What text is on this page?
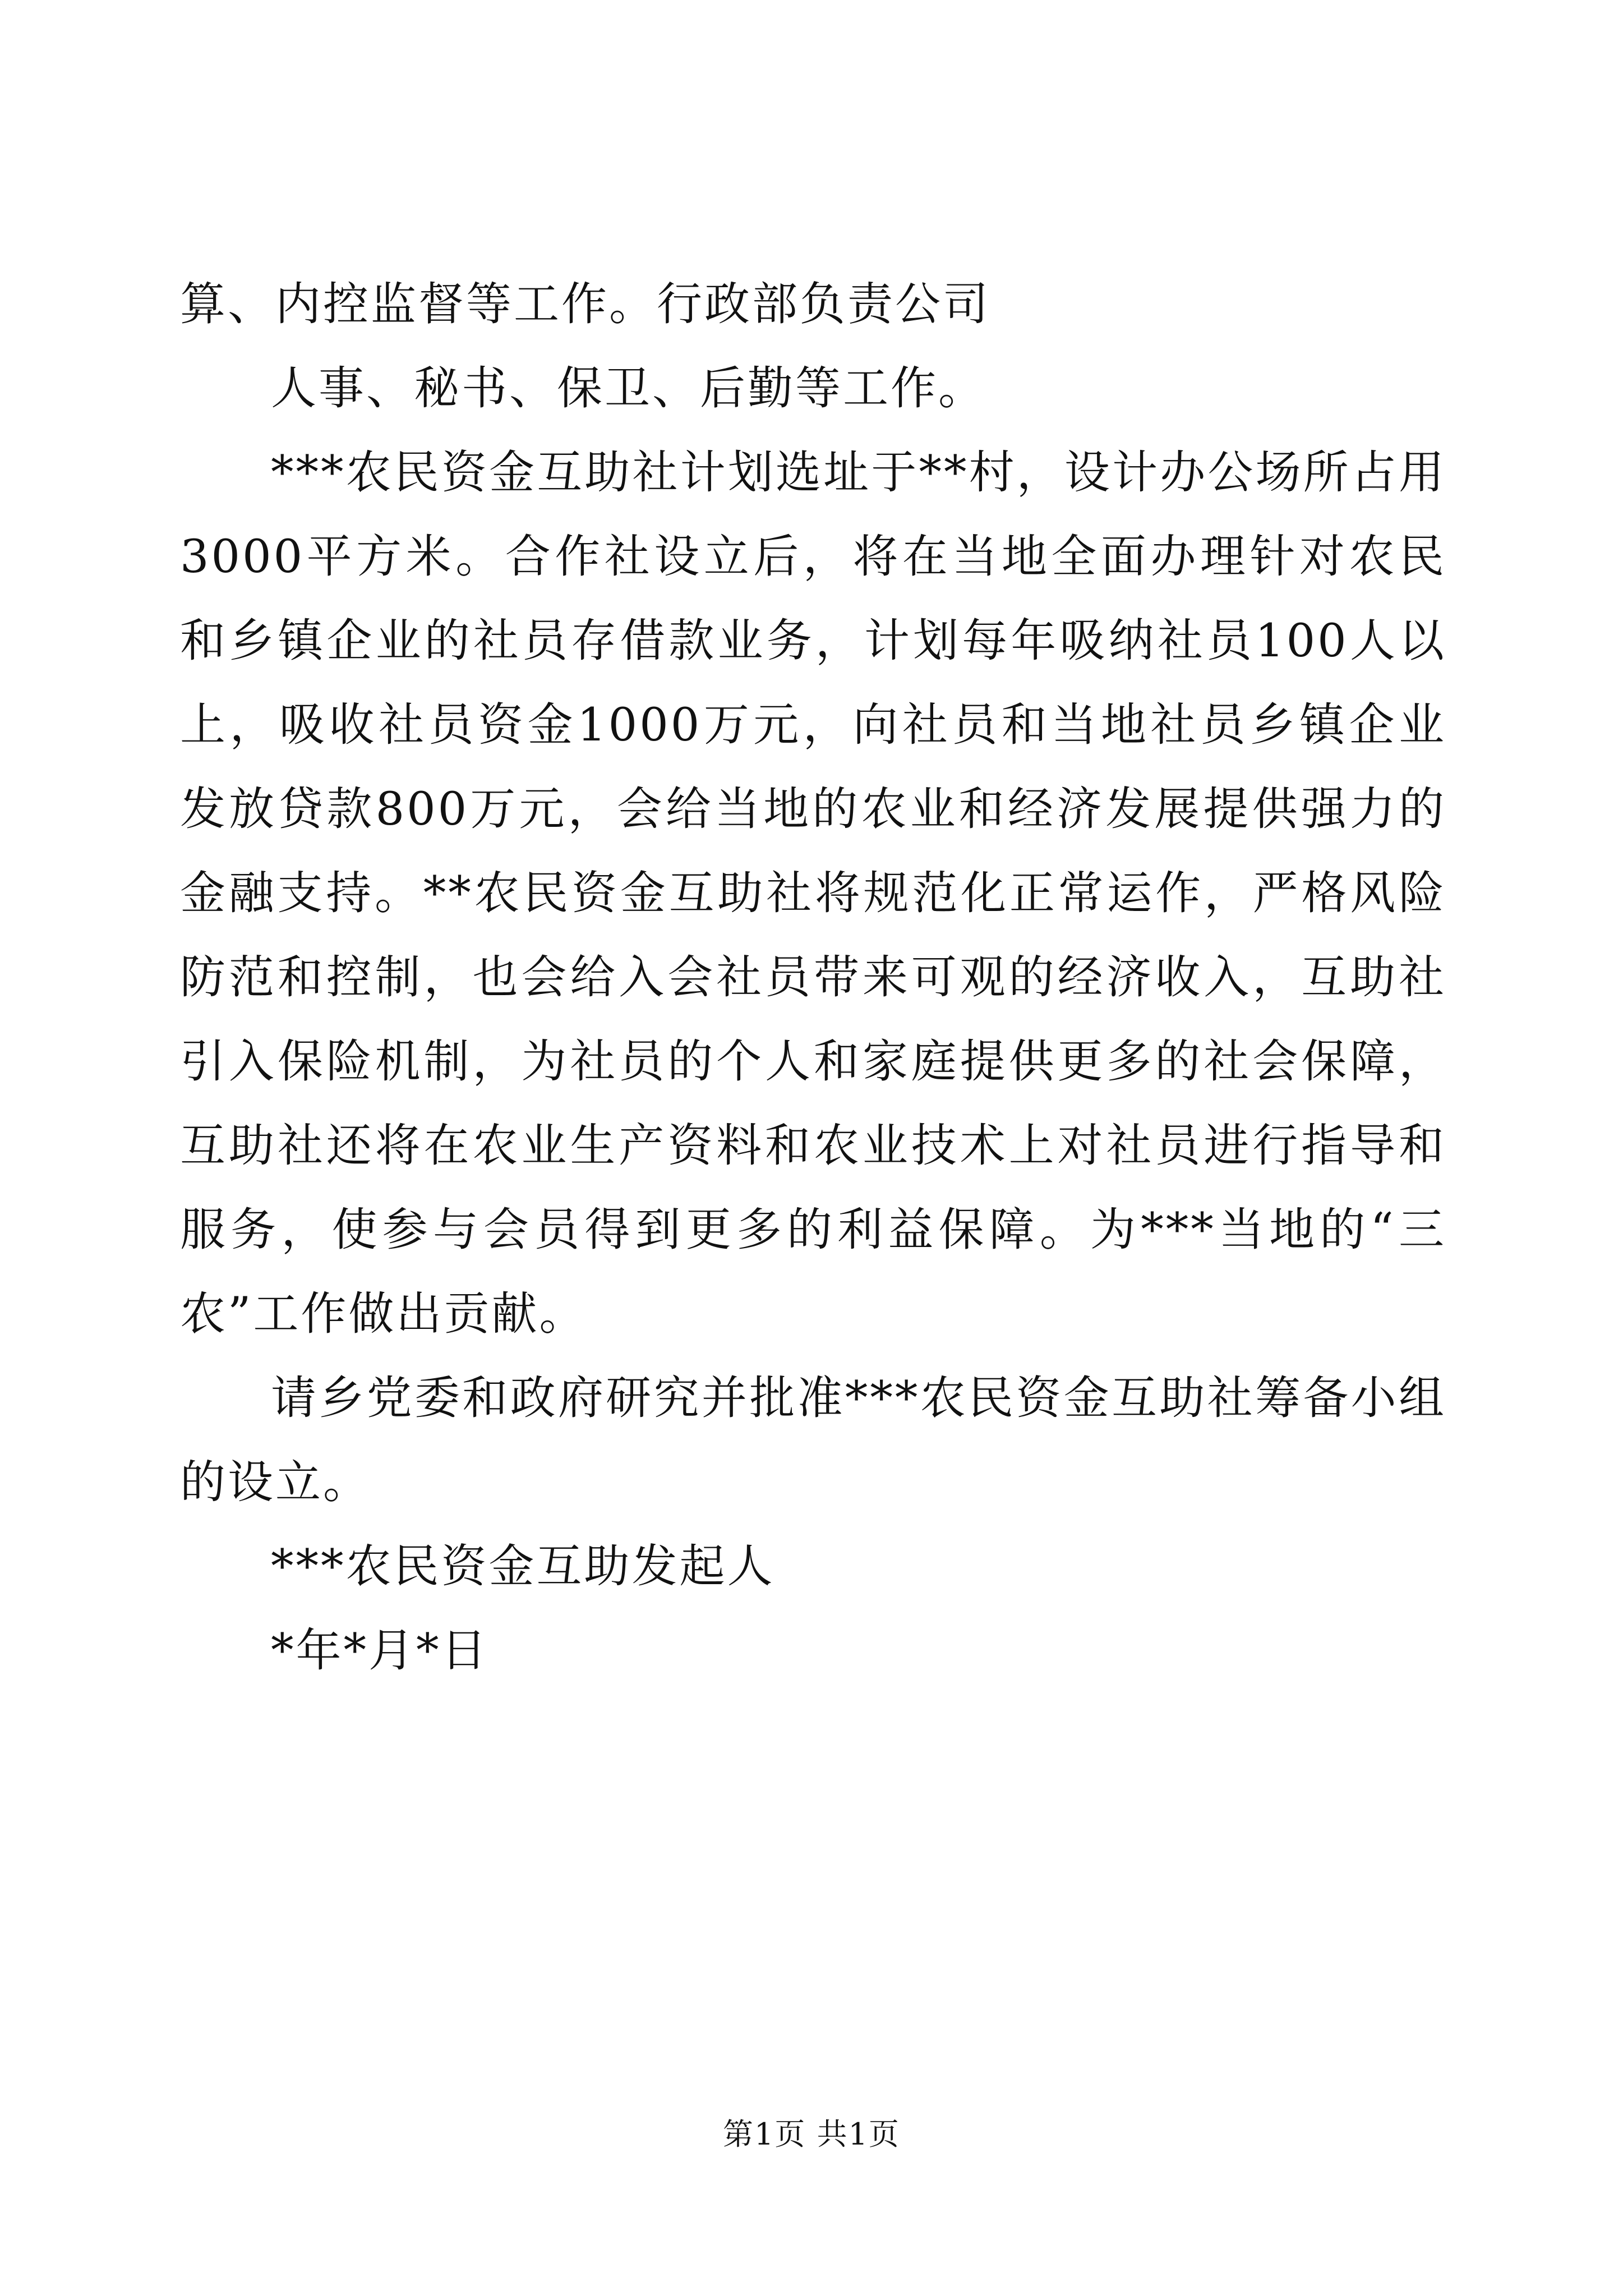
算、内控监督等工作。行政部负责公司

人事、秘书、保卫、后勤等工作。

***农民资金互助社计划选址于**村，设计办公场所占用3000平方米。合作社设立后，将在当地全面办理针对农民和乡镇企业的社员存借款业务，计划每年吸纳社员100人以上，吸收社员资金1000万元，向社员和当地社员乡镇企业发放贷款800万元，会给当地的农业和经济发展提供强力的金融支持。**农民资金互助社将规范化正常运作，严格风险防范和控制，也会给入会社员带来可观的经济收入，互助社引入保险机制，为社员的个人和家庭提供更多的社会保障，互助社还将在农业生产资料和农业技术上对社员进行指导和服务，使参与会员得到更多的利益保障。为***当地的“三农”工作做出贡献。

请乡党委和政府研究并批准***农民资金互助社筹备小组的设立。

***农民资金互助发起人

*年*月*日

第1页 共1页
